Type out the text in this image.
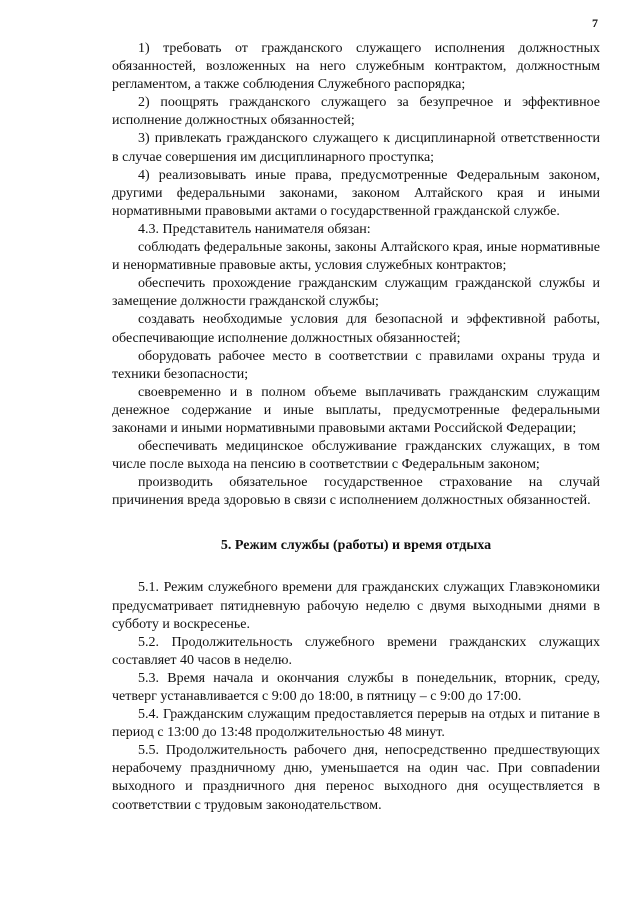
7

1) требовать от гражданского служащего исполнения должностных обязанностей, возложенных на него служебным контрактом, должностным регламентом, а также соблюдения Служебного распорядка;

2) поощрять гражданского служащего за безупречное и эффективное исполнение должностных обязанностей;

3) привлекать гражданского служащего к дисциплинарной ответственности в случае совершения им дисциплинарного проступка;

4) реализовывать иные права, предусмотренные Федеральным законом, другими федеральными законами, законом Алтайского края и иными нормативными правовыми актами о государственной гражданской службе.

4.3. Представитель нанимателя обязан:

соблюдать федеральные законы, законы Алтайского края, иные нормативные и ненормативные правовые акты, условия служебных контрактов;

обеспечить прохождение гражданским служащим гражданской службы и замещение должности гражданской службы;

создавать необходимые условия для безопасной и эффективной работы, обеспечивающие исполнение должностных обязанностей;

оборудовать рабочее место в соответствии с правилами охраны труда и техники безопасности;

своевременно и в полном объеме выплачивать гражданским служащим денежное содержание и иные выплаты, предусмотренные федеральными законами и иными нормативными правовыми актами Российской Федерации;

обеспечивать медицинское обслуживание гражданских служащих, в том числе после выхода на пенсию в соответствии с Федеральным законом;

производить обязательное государственное страхование на случай причинения вреда здоровью в связи с исполнением должностных обязанностей.

5. Режим службы (работы) и время отдыха

5.1. Режим служебного времени для гражданских служащих Главэкономики предусматривает пятидневную рабочую неделю с двумя выходными днями в субботу и воскресенье.

5.2. Продолжительность служебного времени гражданских служащих составляет 40 часов в неделю.

5.3. Время начала и окончания службы в понедельник, вторник, среду, четверг устанавливается с 9:00 до 18:00, в пятницу – с 9:00 до 17:00.

5.4. Гражданским служащим предоставляется перерыв на отдых и питание в период с 13:00 до 13:48 продолжительностью 48 минут.

5.5. Продолжительность рабочего дня, непосредственно предшествующих нерабочему праздничному дню, уменьшается на один час. При совпаdении выходного и праздничного дня перенос выходного дня осуществляется в соответствии с трудовым законодательством.
